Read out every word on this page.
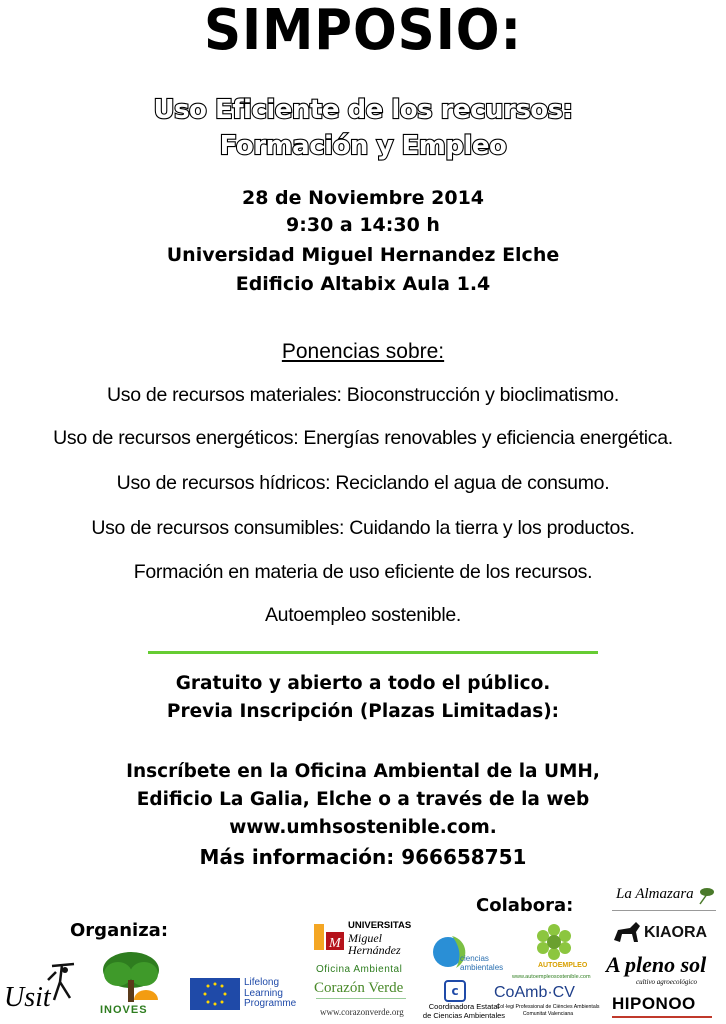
SIMPOSIO:
Uso Eficiente de los recursos:
Formación y Empleo
28 de Noviembre 2014
9:30 a 14:30 h
Universidad Miguel Hernandez Elche
Edificio Altabix Aula 1.4
Ponencias sobre:
Uso de recursos materiales: Bioconstrucción y bioclimatismo.
Uso de recursos energéticos: Energías renovables y eficiencia energética.
Uso de recursos hídricos: Reciclando el agua de consumo.
Uso de recursos consumibles: Cuidando la tierra y los productos.
Formación en materia de uso eficiente de los recursos.
Autoempleo sostenible.
Gratuito y abierto a todo el público.
Previa Inscripción (Plazas Limitadas):
Inscríbete en la Oficina Ambiental de la UMH,
Edificio La Galia, Elche o a través de la web
www.umhsostenible.com.
Más información: 966658751
Organiza:
Usit	INOVES
Lifelong
Learning
Programme
M
UNIVERSITAS
Miguel
Hernández
Oficina Ambiental
Corazón Verde
www.corazonverde.org
Colabora:
ciencias ambientales
c
Coordinadora Estatal
de Ciencias Ambientales
AUTOEMPLEO
www.autoempleosostenible.com
CoAmb·CV
Col·legi Professional de Ciències Ambientals
Comunitat Valenciana
La Almazara
KIAORA
A pleno sol
cultivo agroecológico
HIPONOO
